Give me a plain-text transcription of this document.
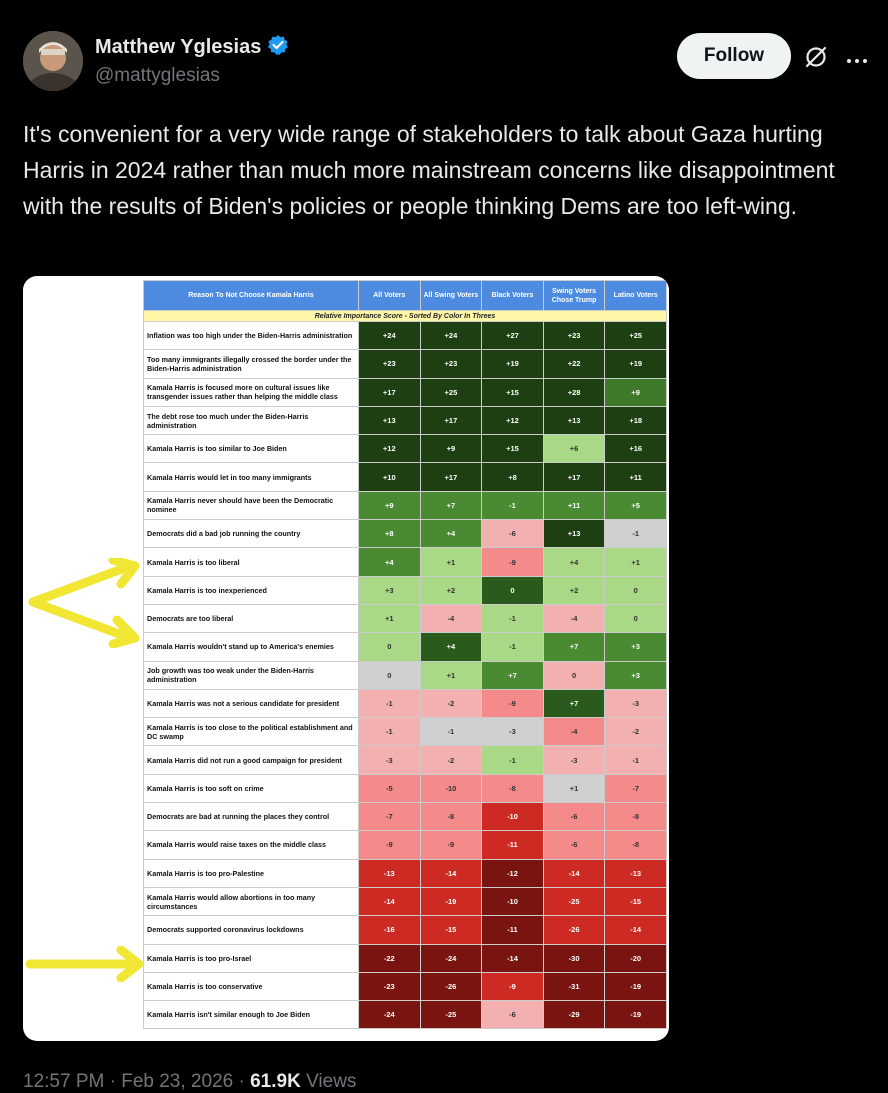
Matthew Yglesias
@mattyglesias
Follow
It's convenient for a very wide range of stakeholders to talk about Gaza hurting Harris in 2024 rather than much more mainstream concerns like disappointment with the results of Biden's policies or people thinking Dems are too left-wing.
Reason To Not Choose Kamala Harris	All Voters	All Swing Voters	Black Voters	Swing Voters Chose Trump	Latino Voters
Relative Importance Score - Sorted By Color In Threes					
Inflation was too high under the Biden-Harris administration	+24	+24	+27	+23	+25
Too many immigrants illegally crossed the border under the Biden-Harris administration	+23	+23	+19	+22	+19
Kamala Harris is focused more on cultural issues like transgender issues rather than helping the middle class	+17	+25	+15	+28	+9
The debt rose too much under the Biden-Harris administration	+13	+17	+12	+13	+18
Kamala Harris is too similar to Joe Biden	+12	+9	+15	+6	+16
Kamala Harris would let in too many immigrants	+10	+17	+8	+17	+11
Kamala Harris never should have been the Democratic nominee	+9	+7	-1	+11	+5
Democrats did a bad job running the country	+8	+4	-6	+13	-1
Kamala Harris is too liberal	+4	+1	-9	+4	+1
Kamala Harris is too inexperienced	+3	+2	0	+2	0
Democrats are too liberal	+1	-4	-1	-4	0
Kamala Harris wouldn't stand up to America's enemies	0	+4	-1	+7	+3
Job growth was too weak under the Biden-Harris administration	0	+1	+7	0	+3
Kamala Harris was not a serious candidate for president	-1	-2	-9	+7	-3
Kamala Harris is too close to the political establishment and DC swamp	-1	-1	-3	-4	-2
Kamala Harris did not run a good campaign for president	-3	-2	-1	-3	-1
Kamala Harris is too soft on crime	-5	-10	-8	+1	-7
Democrats are bad at running the places they control	-7	-8	-10	-6	-8
Kamala Harris would raise taxes on the middle class	-9	-9	-11	-6	-8
Kamala Harris is too pro-Palestine	-13	-14	-12	-14	-13
Kamala Harris would allow abortions in too many circumstances	-14	-19	-10	-25	-15
Democrats supported coronavirus lockdowns	-16	-15	-11	-26	-14
Kamala Harris is too pro-Israel	-22	-24	-14	-30	-20
Kamala Harris is too conservative	-23	-26	-9	-31	-19
Kamala Harris isn't similar enough to Joe Biden	-24	-25	-6	-29	-19
12:57 PM · Feb 23, 2026 · 61.9K Views
